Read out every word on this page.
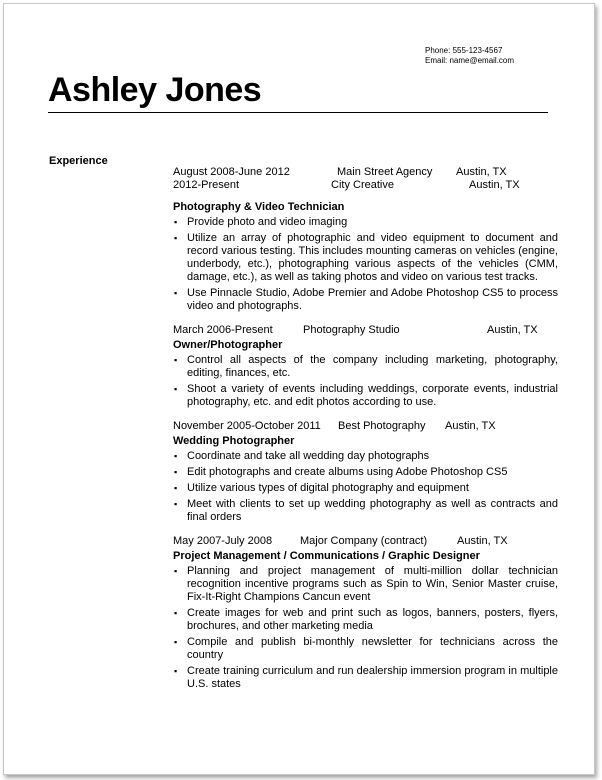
Phone: 555-123-4567
Email: name@email.com
Ashley Jones
Experience
August 2008-June 2012	Main Street Agency Austin, TX
2012-Present	City Creative	Austin, TX
Photography & Video Technician
▪ Provide photo and video imaging
▪ Utilize an array of photographic and video equipment to document and record various testing. This includes mounting cameras on vehicles (engine, underbody, etc.), photographing various aspects of the vehicles (CMM, damage, etc.), as well as taking photos and video on various test tracks.
▪ Use Pinnacle Studio, Adobe Premier and Adobe Photoshop CS5 to process video and photographs.
March 2006-Present	Photography Studio	Austin, TX
Owner/Photographer
▪ Control all aspects of the company including marketing, photography, editing, finances, etc.
▪ Shoot a variety of events including weddings, corporate events, industrial photography, etc. and edit photos according to use.
November 2005-October 2011 Best Photography Austin, TX
Wedding Photographer
▪ Coordinate and take all wedding day photographs
▪ Edit photographs and create albums using Adobe Photoshop CS5
▪ Utilize various types of digital photography and equipment
▪ Meet with clients to set up wedding photography as well as contracts and final orders
May 2007-July 2008	Major Company (contract)	Austin, TX
Project Management / Communications / Graphic Designer
▪ Planning and project management of multi-million dollar technician recognition incentive programs such as Spin to Win, Senior Master cruise, Fix-It-Right Champions Cancun event
▪ Create images for web and print such as logos, banners, posters, flyers, brochures, and other marketing media
▪ Compile and publish bi-monthly newsletter for technicians across the country
▪ Create training curriculum and run dealership immersion program in multiple U.S. states
